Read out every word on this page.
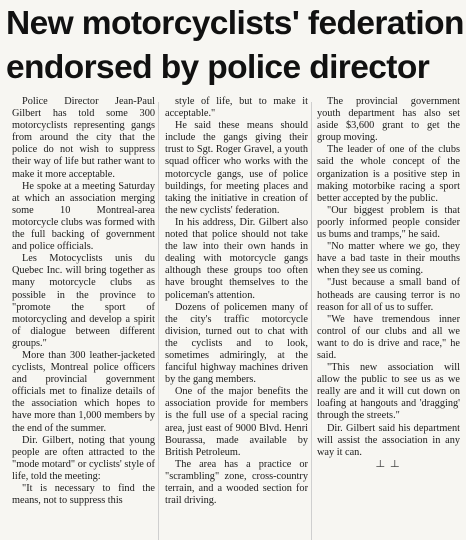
New motorcyclists' federation
endorsed by police director

Police Director Jean-Paul Gilbert has told some 300 motorcyclists representing gangs from around the city that the police do not wish to suppress their way of life but rather want to make it more acceptable.

He spoke at a meeting Saturday at which an association merging some 10 Montreal-area motorcycle clubs was formed with the full backing of government and police officials.

Les Motocyclists unis du Quebec Inc. will bring together as many motorcycle clubs as possible in the province to "promote the sport of motorcycling and develop a spirit of dialogue between different groups."

More than 300 leather-jacketed cyclists, Montreal police officers and provincial government officials met to finalize details of the association which hopes to have more than 1,000 members by the end of the summer.

Dir. Gilbert, noting that young people are often attracted to the "mode motard" or cyclists' style of life, told the meeting:

"It is necessary to find the means, not to suppress this

style of life, but to make it acceptable."

He said these means should include the gangs giving their trust to Sgt. Roger Gravel, a youth squad officer who works with the motorcycle gangs, use of police buildings, for meeting places and taking the initiative in creation of the new cyclists' federation.

In his address, Dir. Gilbert also noted that police should not take the law into their own hands in dealing with motorcycle gangs although these groups too often have brought themselves to the policeman's attention.

Dozens of policemen many of the city's traffic motorcycle division, turned out to chat with the cyclists and to look, sometimes admiringly, at the fanciful highway machines driven by the gang members.

One of the major benefits the association provide for members is the full use of a special racing area, just east of 9000 Blvd. Henri Bourassa, made available by British Petroleum.

The area has a practice or "scrambling" zone, cross-country terrain, and a wooded section for trail driving.

The provincial government youth department has also set aside $3,600 grant to get the group moving.

The leader of one of the clubs said the whole concept of the organization is a positive step in making motorbike racing a sport better accepted by the public.

"Our biggest problem is that poorly informed people consider us bums and tramps," he said.

"No matter where we go, they have a bad taste in their mouths when they see us coming.

"Just because a small band of hotheads are causing terror is no reason for all of us to suffer.

"We have tremendous inner control of our clubs and all we want to do is drive and race," he said.

"This new association will allow the public to see us as we really are and it will cut down on loafing at hangouts and 'dragging' through the streets."

Dir. Gilbert said his department will assist the association in any way it can.

┴ ┴
